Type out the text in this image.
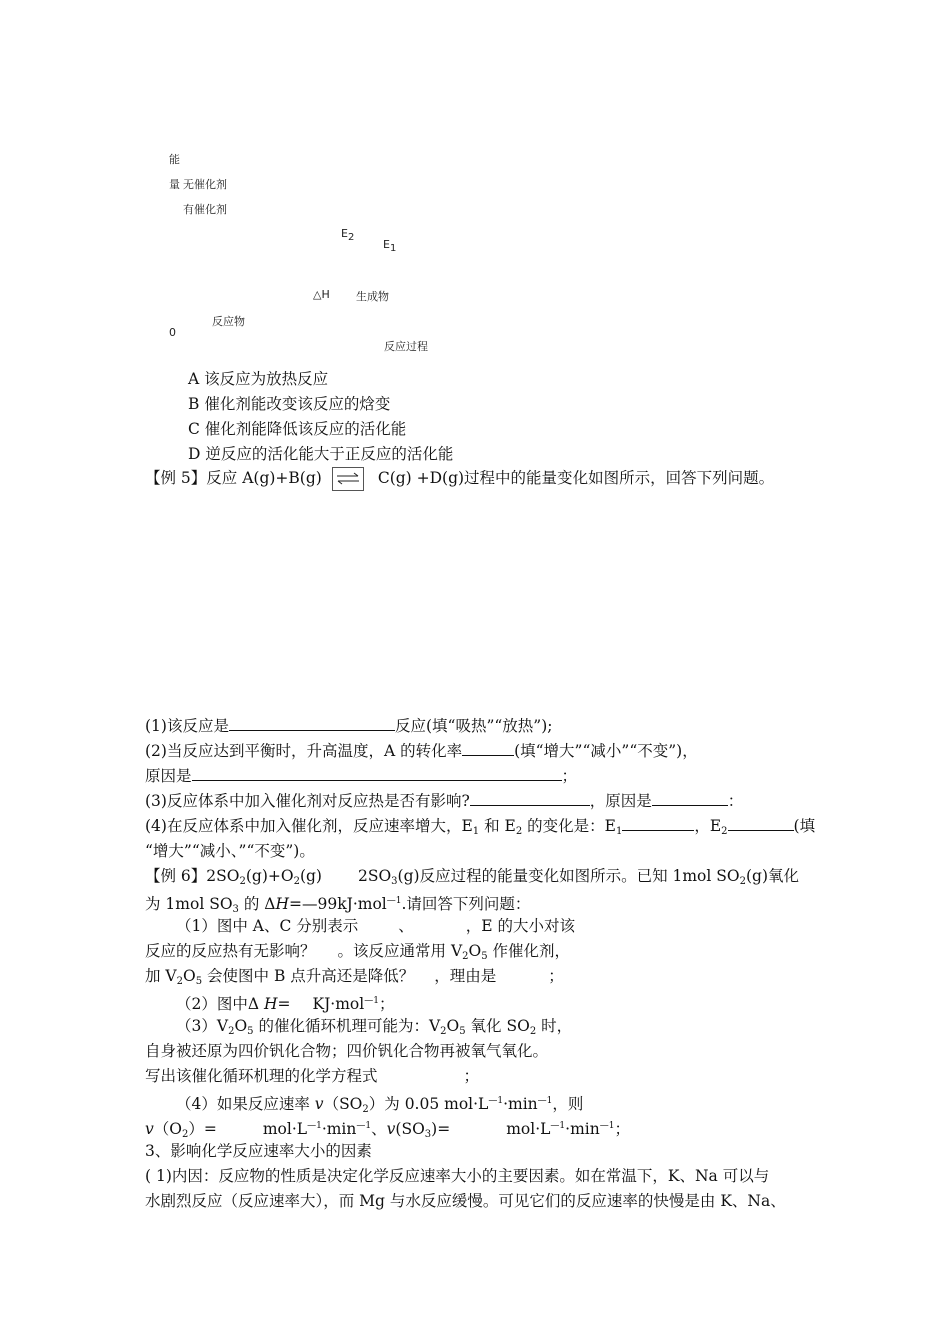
能
量 无催化剂
有催化剂
E2
E1
△H 生成物
反应物
0
反应过程
A 该反应为放热反应
B 催化剂能改变该反应的焓变
C 催化剂能降低该反应的活化能
D 逆反应的活化能大于正反应的活化能
【例 5】反应 A(g)+B(g)	C(g) +D(g)过程中的能量变化如图所示，回答下列问题。
(1)该反应是	反应(填“吸热”“放热”);
(2)当反应达到平衡时，升高温度，A 的转化率	(填“增大”“减小”“不变”)，
原因是	；
(3)反应体系中加入催化剂对反应热是否有影响?	，原因是	：
(4)在反应体系中加入催化剂，反应速率增大，$E_1$ 和 $E_2$ 的变化是：$E_1$	，$E_2$	(填
“增大”“减小、”“不变”)。
【例 6】$2SO_2(g)+O_2(g)$ $2SO_3(g)$反应过程的能量变化如图所示。已知 1mol $SO_2(g)$氧化
为 1mol $SO_3$ 的 ΔH=—99kJ·mol$^{—1}$.请回答下列问题：
（1）图中 A、C 分别表示	、	，E 的大小对该
反应的反应热有无影响？ 。该反应通常用 $V_2O_5$ 作催化剂，
加 $V_2O_5$ 会使图中 B 点升高还是降低？ ，理由是	；
（2）图中Δ H= KJ·mol$^{—1}$；
$(3)V_2O_5$ 的催化循环机理可能为：$V_2O_5$ 氧化 $SO_2$ 时，
自身被还原为四价钒化合物；四价钒化合物再被氧气氧化。
写出该催化循环机理的化学方程式	；
（4）如果反应速率 $v(SO_2)$为 0.05 $mol\cdot L^{—1}\cdot\min^{—1}$，则
$v(O_2)=$	$mol\cdot L^{—1}\cdot\min^{—1}$、$v(SO_3)=$	$mol\cdot L^{—1}\cdot\min^{—1}$；
3、影响化学反应速率大小的因素
( 1)内因：反应物的性质是决定化学反应速率大小的主要因素。如在常温下，K、Na 可以与
水剧烈反应（反应速率大），而 Mg 与水反应缓慢。可见它们的反应速率的快慢是由 K、Na、
